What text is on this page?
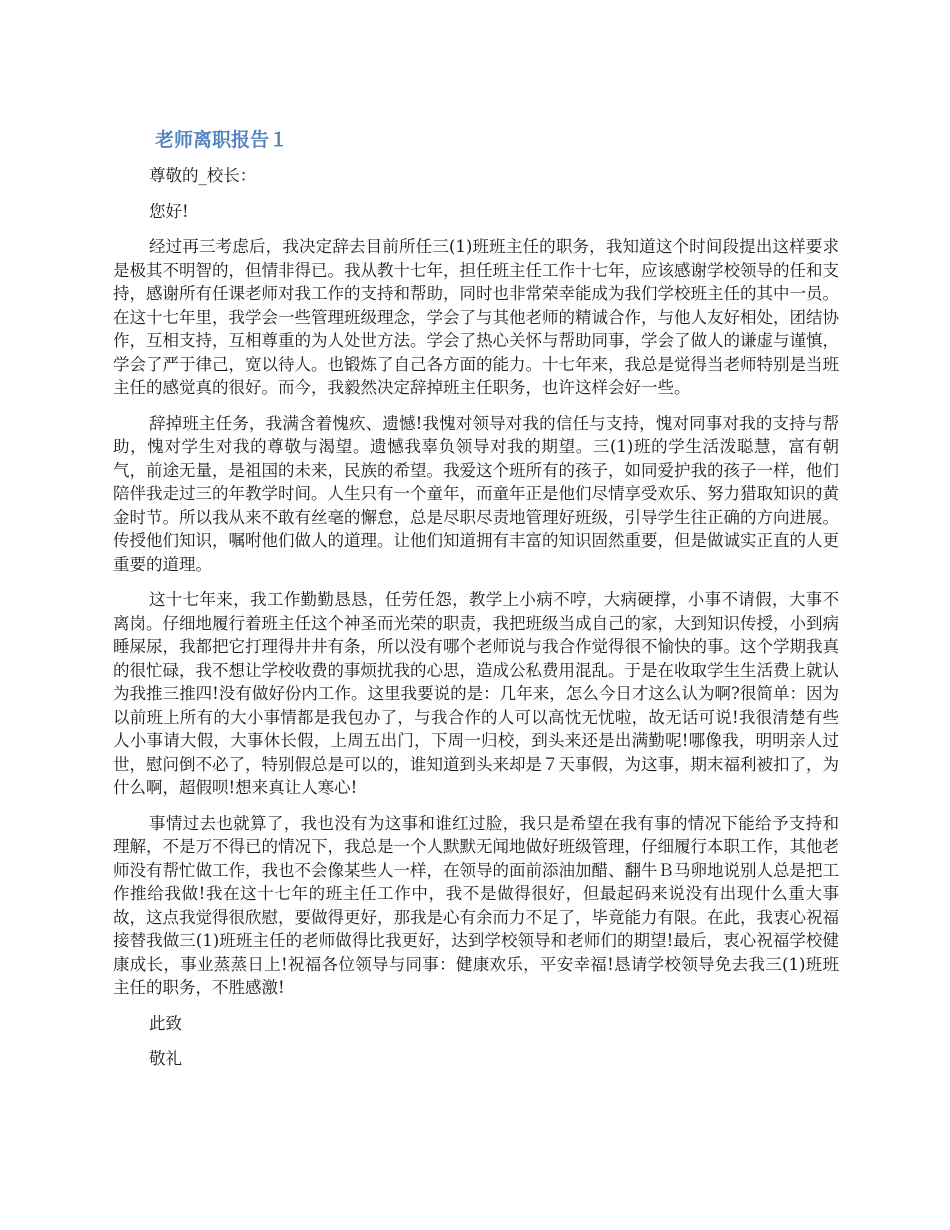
老师离职报告１
尊敬的_校长：
您好!

经过再三考虑后，我决定辞去目前所任三(1)班班主任的职务，我知道这个时间段提出这样要求是极其不明智的，但情非得已。我从教十七年，担任班主任工作十七年，应该感谢学校领导的任和支持，感谢所有任课老师对我工作的支持和帮助，同时也非常荣幸能成为我们学校班主任的其中一员。在这十七年里，我学会一些管理班级理念，学会了与其他老师的精诚合作，与他人友好相处，团结协作，互相支持，互相尊重的为人处世方法。学会了热心关怀与帮助同事，学会了做人的谦虚与谨慎，学会了严于律己，宽以待人。也锻炼了自己各方面的能力。十七年来，我总是觉得当老师特别是当班主任的感觉真的很好。而今，我毅然决定辞掉班主任职务，也许这样会好一些。

辞掉班主任务，我满含着愧疚、遗憾!我愧对领导对我的信任与支持，愧对同事对我的支持与帮助，愧对学生对我的尊敬与渴望。遗憾我辜负领导对我的期望。三(1)班的学生活泼聪慧，富有朝气，前途无量，是祖国的未来，民族的希望。我爱这个班所有的孩子，如同爱护我的孩子一样，他们陪伴我走过三的年教学时间。人生只有一个童年，而童年正是他们尽情享受欢乐、努力猎取知识的黄金时节。所以我从来不敢有丝毫的懈怠，总是尽职尽责地管理好班级，引导学生往正确的方向进展。传授他们知识，嘱咐他们做人的道理。让他们知道拥有丰富的知识固然重要，但是做诚实正直的人更重要的道理。

这十七年来，我工作勤勤恳恳，任劳任怨，教学上小病不哼，大病硬撑，小事不请假，大事不离岗。仔细地履行着班主任这个神圣而光荣的职责，我把班级当成自己的家，大到知识传授，小到病睡屎尿，我都把它打理得井井有条，所以没有哪个老师说与我合作觉得很不愉快的事。这个学期我真的很忙碌，我不想让学校收费的事烦扰我的心思，造成公私费用混乱。于是在收取学生生活费上就认为我推三推四!没有做好份内工作。这里我要说的是：几年来，怎么今日才这么认为啊?很简单：因为以前班上所有的大小事情都是我包办了，与我合作的人可以高忱无忧啦，故无话可说!我很清楚有些人小事请大假，大事休长假，上周五出门，下周一归校，到头来还是出满勤呢!哪像我，明明亲人过世，慰问倒不必了，特别假总是可以的，谁知道到头来却是７天事假，为这事，期末福利被扣了，为什么啊，超假呗!想来真让人寒心!

事情过去也就算了，我也没有为这事和谁红过脸，我只是希望在我有事的情况下能给予支持和理解，不是万不得已的情况下，我总是一个人默默无闻地做好班级管理，仔细履行本职工作，其他老师没有帮忙做工作，我也不会像某些人一样，在领导的面前添油加醋、翻牛Ｂ马卵地说别人总是把工作推给我做!我在这十七年的班主任工作中，我不是做得很好，但最起码来说没有出现什么重大事故，这点我觉得很欣慰，要做得更好，那我是心有余而力不足了，毕竟能力有限。在此，我衷心祝福接替我做三(1)班班主任的老师做得比我更好，达到学校领导和老师们的期望!最后，衷心祝福学校健康成长，事业蒸蒸日上!祝福各位领导与同事：健康欢乐，平安幸福!恳请学校领导免去我三(1)班班主任的职务，不胜感激!

此致
敬礼
